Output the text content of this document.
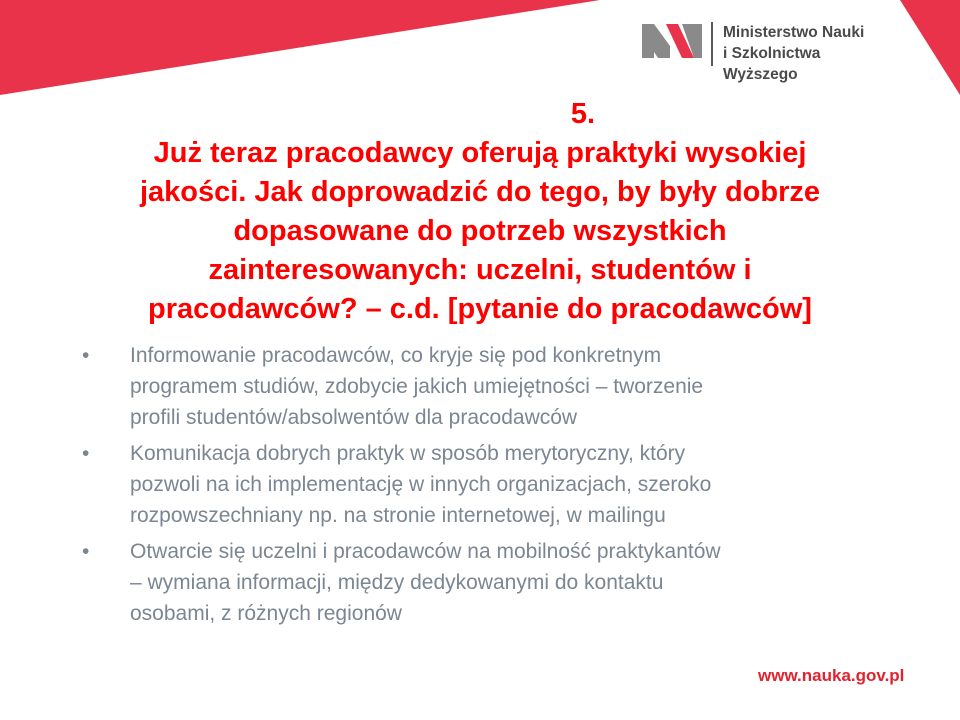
Ministerstwo Nauki
i Szkolnictwa Wyższego
5.
Już teraz pracodawcy oferują praktyki wysokiej
jakości. Jak doprowadzić do tego, by były dobrze
dopasowane do potrzeb wszystkich
zainteresowanych: uczelni, studentów i
pracodawców? – c.d. [pytanie do pracodawców]
• Informowanie pracodawców, co kryje się pod konkretnym
programem studiów, zdobycie jakich umiejętności – tworzenie
profili studentów/absolwentów dla pracodawców
• Komunikacja dobrych praktyk w sposób merytoryczny, który
pozwoli na ich implementację w innych organizacjach, szeroko
rozpowszechniany np. na stronie internetowej, w mailingu
• Otwarcie się uczelni i pracodawców na mobilność praktykantów
– wymiana informacji, między dedykowanymi do kontaktu
osobami, z różnych regionów
www.nauka.gov.pl
